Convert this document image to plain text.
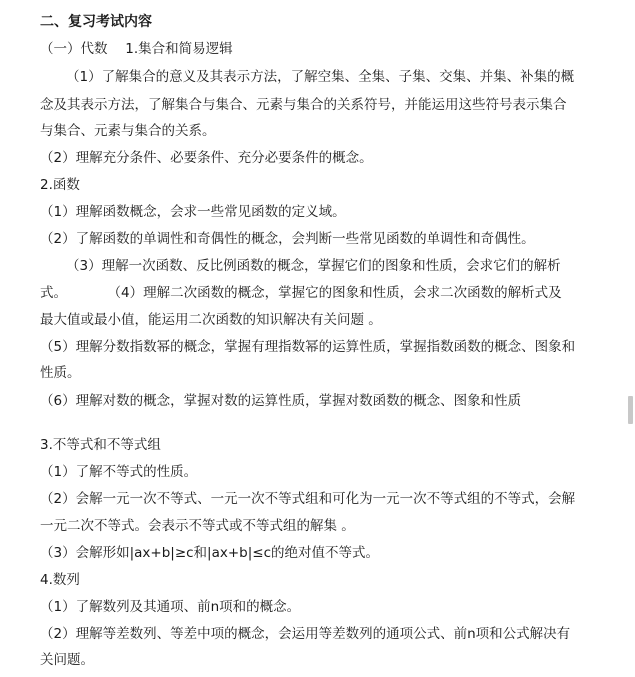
二、复习考试内容
（一）代数　 1.集合和简易逻辑
（1）了解集合的意义及其表示方法，了解空集、全集、子集、交集、并集、补集的概
念及其表示方法，了解集合与集合、元素与集合的关系符号，并能运用这些符号表示集合
与集合、元素与集合的关系。
（2）理解充分条件、必要条件、充分必要条件的概念。
2.函数
（1）理解函数概念，会求一些常见函数的定义域。
（2）了解函数的单调性和奇偶性的概念，会判断一些常见函数的单调性和奇偶性。
（3）理解一次函数、反比例函数的概念，掌握它们的图象和性质，会求它们的解析
式。　　　　（4）理解二次函数的概念，掌握它的图象和性质，会求二次函数的解析式及
最大值或最小值，能运用二次函数的知识解决有关问题 。
（5）理解分数指数幂的概念，掌握有理指数幂的运算性质，掌握指数函数的概念、图象和
性质。
（6）理解对数的概念，掌握对数的运算性质，掌握对数函数的概念、图象和性质
3.不等式和不等式组
（1）了解不等式的性质。
（2）会解一元一次不等式、一元一次不等式组和可化为一元一次不等式组的不等式，会解
一元二次不等式。会表示不等式或不等式组的解集 。
（3）会解形如|ax+b|≥c和|ax+b|≤c的绝对值不等式。
4.数列
（1）了解数列及其通项、前n项和的概念。
（2）理解等差数列、等差中项的概念，会运用等差数列的通项公式、前n项和公式解决有
关问题。
